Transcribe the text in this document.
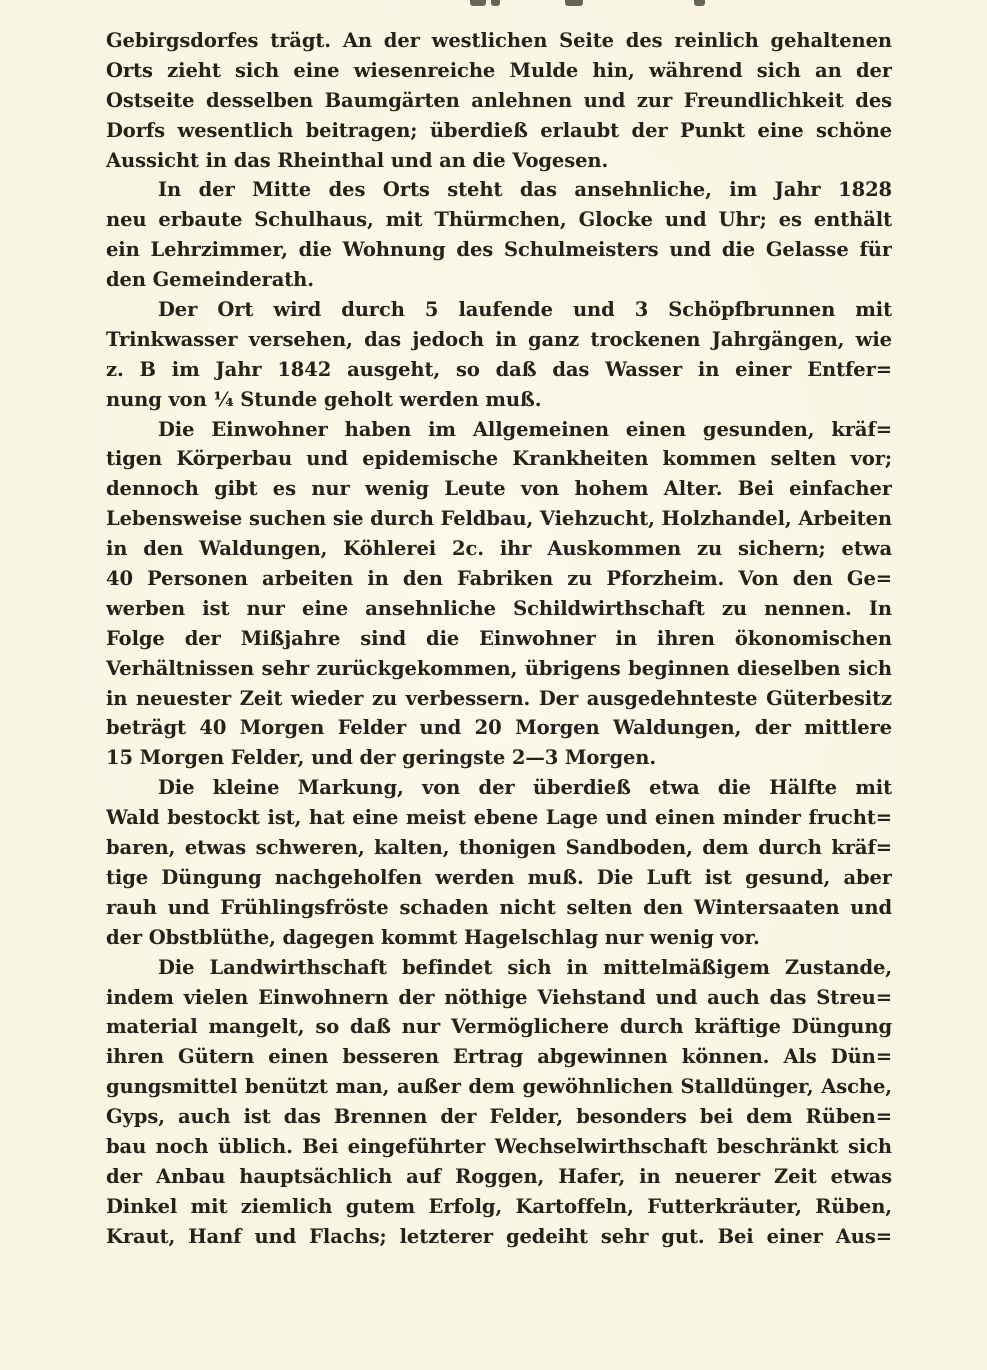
Gebirgsdorfes trägt. An der westlichen Seite des reinlich gehaltenen
Orts zieht sich eine wiesenreiche Mulde hin, während sich an der
Ostseite desselben Baumgärten anlehnen und zur Freundlichkeit des
Dorfs wesentlich beitragen; überdieß erlaubt der Punkt eine schöne
Aussicht in das Rheinthal und an die Vogesen.
In der Mitte des Orts steht das ansehnliche, im Jahr 1828
neu erbaute Schulhaus, mit Thürmchen, Glocke und Uhr; es enthält
ein Lehrzimmer, die Wohnung des Schulmeisters und die Gelasse für
den Gemeinderath.
Der Ort wird durch 5 laufende und 3 Schöpfbrunnen mit
Trinkwasser versehen, das jedoch in ganz trockenen Jahrgängen, wie
z. B im Jahr 1842 ausgeht, so daß das Wasser in einer Entfer=
nung von ¼ Stunde geholt werden muß.
Die Einwohner haben im Allgemeinen einen gesunden, kräf=
tigen Körperbau und epidemische Krankheiten kommen selten vor;
dennoch gibt es nur wenig Leute von hohem Alter. Bei einfacher
Lebensweise suchen sie durch Feldbau, Viehzucht, Holzhandel, Arbeiten
in den Waldungen, Köhlerei 2c. ihr Auskommen zu sichern; etwa
40 Personen arbeiten in den Fabriken zu Pforzheim. Von den Ge=
werben ist nur eine ansehnliche Schildwirthschaft zu nennen. In
Folge der Mißjahre sind die Einwohner in ihren ökonomischen
Verhältnissen sehr zurückgekommen, übrigens beginnen dieselben sich
in neuester Zeit wieder zu verbessern. Der ausgedehnteste Güterbesitz
beträgt 40 Morgen Felder und 20 Morgen Waldungen, der mittlere
15 Morgen Felder, und der geringste 2—3 Morgen.
Die kleine Markung, von der überdieß etwa die Hälfte mit
Wald bestockt ist, hat eine meist ebene Lage und einen minder frucht=
baren, etwas schweren, kalten, thonigen Sandboden, dem durch kräf=
tige Düngung nachgeholfen werden muß. Die Luft ist gesund, aber
rauh und Frühlingsfröste schaden nicht selten den Wintersaaten und
der Obstblüthe, dagegen kommt Hagelschlag nur wenig vor.
Die Landwirthschaft befindet sich in mittelmäßigem Zustande,
indem vielen Einwohnern der nöthige Viehstand und auch das Streu=
material mangelt, so daß nur Vermöglichere durch kräftige Düngung
ihren Gütern einen besseren Ertrag abgewinnen können. Als Dün=
gungsmittel benützt man, außer dem gewöhnlichen Stalldünger, Asche,
Gyps, auch ist das Brennen der Felder, besonders bei dem Rüben=
bau noch üblich. Bei eingeführter Wechselwirthschaft beschränkt sich
der Anbau hauptsächlich auf Roggen, Hafer, in neuerer Zeit etwas
Dinkel mit ziemlich gutem Erfolg, Kartoffeln, Futterkräuter, Rüben,
Kraut, Hanf und Flachs; letzterer gedeiht sehr gut. Bei einer Aus=
